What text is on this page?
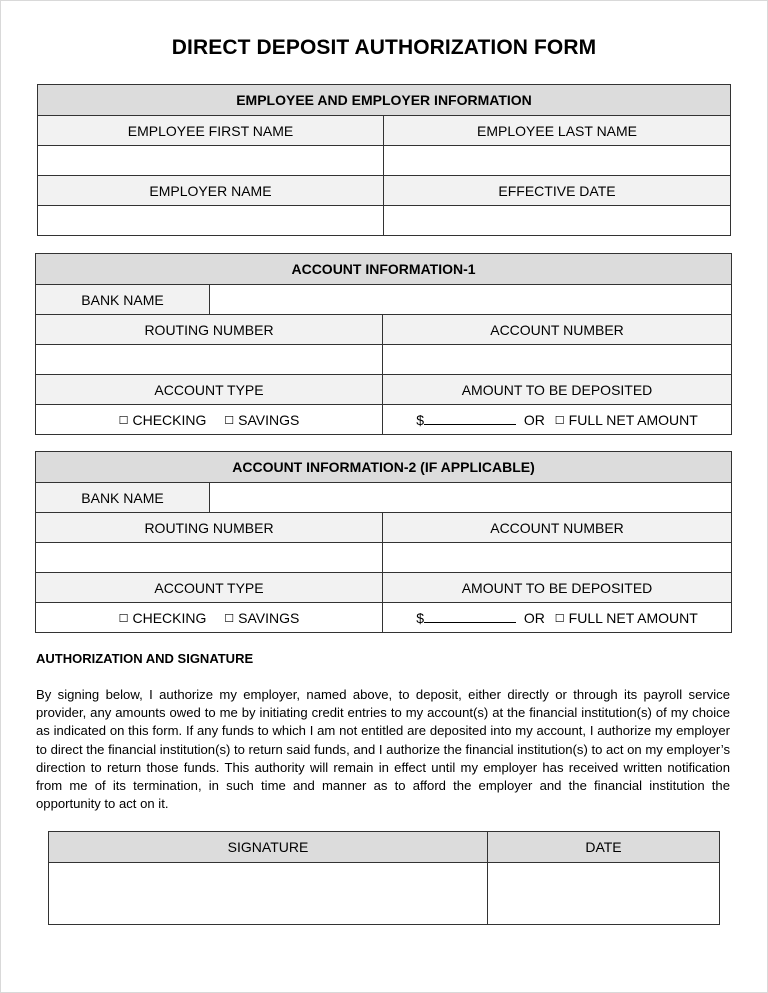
DIRECT DEPOSIT AUTHORIZATION FORM
EMPLOYEE AND EMPLOYER INFORMATION	
EMPLOYEE FIRST NAME	EMPLOYEE LAST NAME

EMPLOYER NAME	EFFECTIVE DATE

ACCOUNT INFORMATION-1		
BANK NAME		
ROUTING NUMBER		ACCOUNT NUMBER

ACCOUNT TYPE		AMOUNT TO BE DEPOSITED
☐ CHECKING ☐ SAVINGS		$ OR ☐ FULL NET AMOUNT
ACCOUNT INFORMATION-2 (IF APPLICABLE)		
BANK NAME		
ROUTING NUMBER		ACCOUNT NUMBER

ACCOUNT TYPE		AMOUNT TO BE DEPOSITED
☐ CHECKING ☐ SAVINGS		$ OR ☐ FULL NET AMOUNT
AUTHORIZATION AND SIGNATURE
By signing below, I authorize my employer, named above, to deposit, either directly or through its payroll service provider, any amounts owed to me by initiating credit entries to my account(s) at the financial institution(s) of my choice as indicated on this form. If any funds to which I am not entitled are deposited into my account, I authorize my employer to direct the financial institution(s) to return said funds, and I authorize the financial institution(s) to act on my employer’s direction to return those funds. This authority will remain in effect until my employer has received written notification from me of its termination, in such time and manner as to afford the employer and the financial institution the opportunity to act on it.
SIGNATURE	DATE
